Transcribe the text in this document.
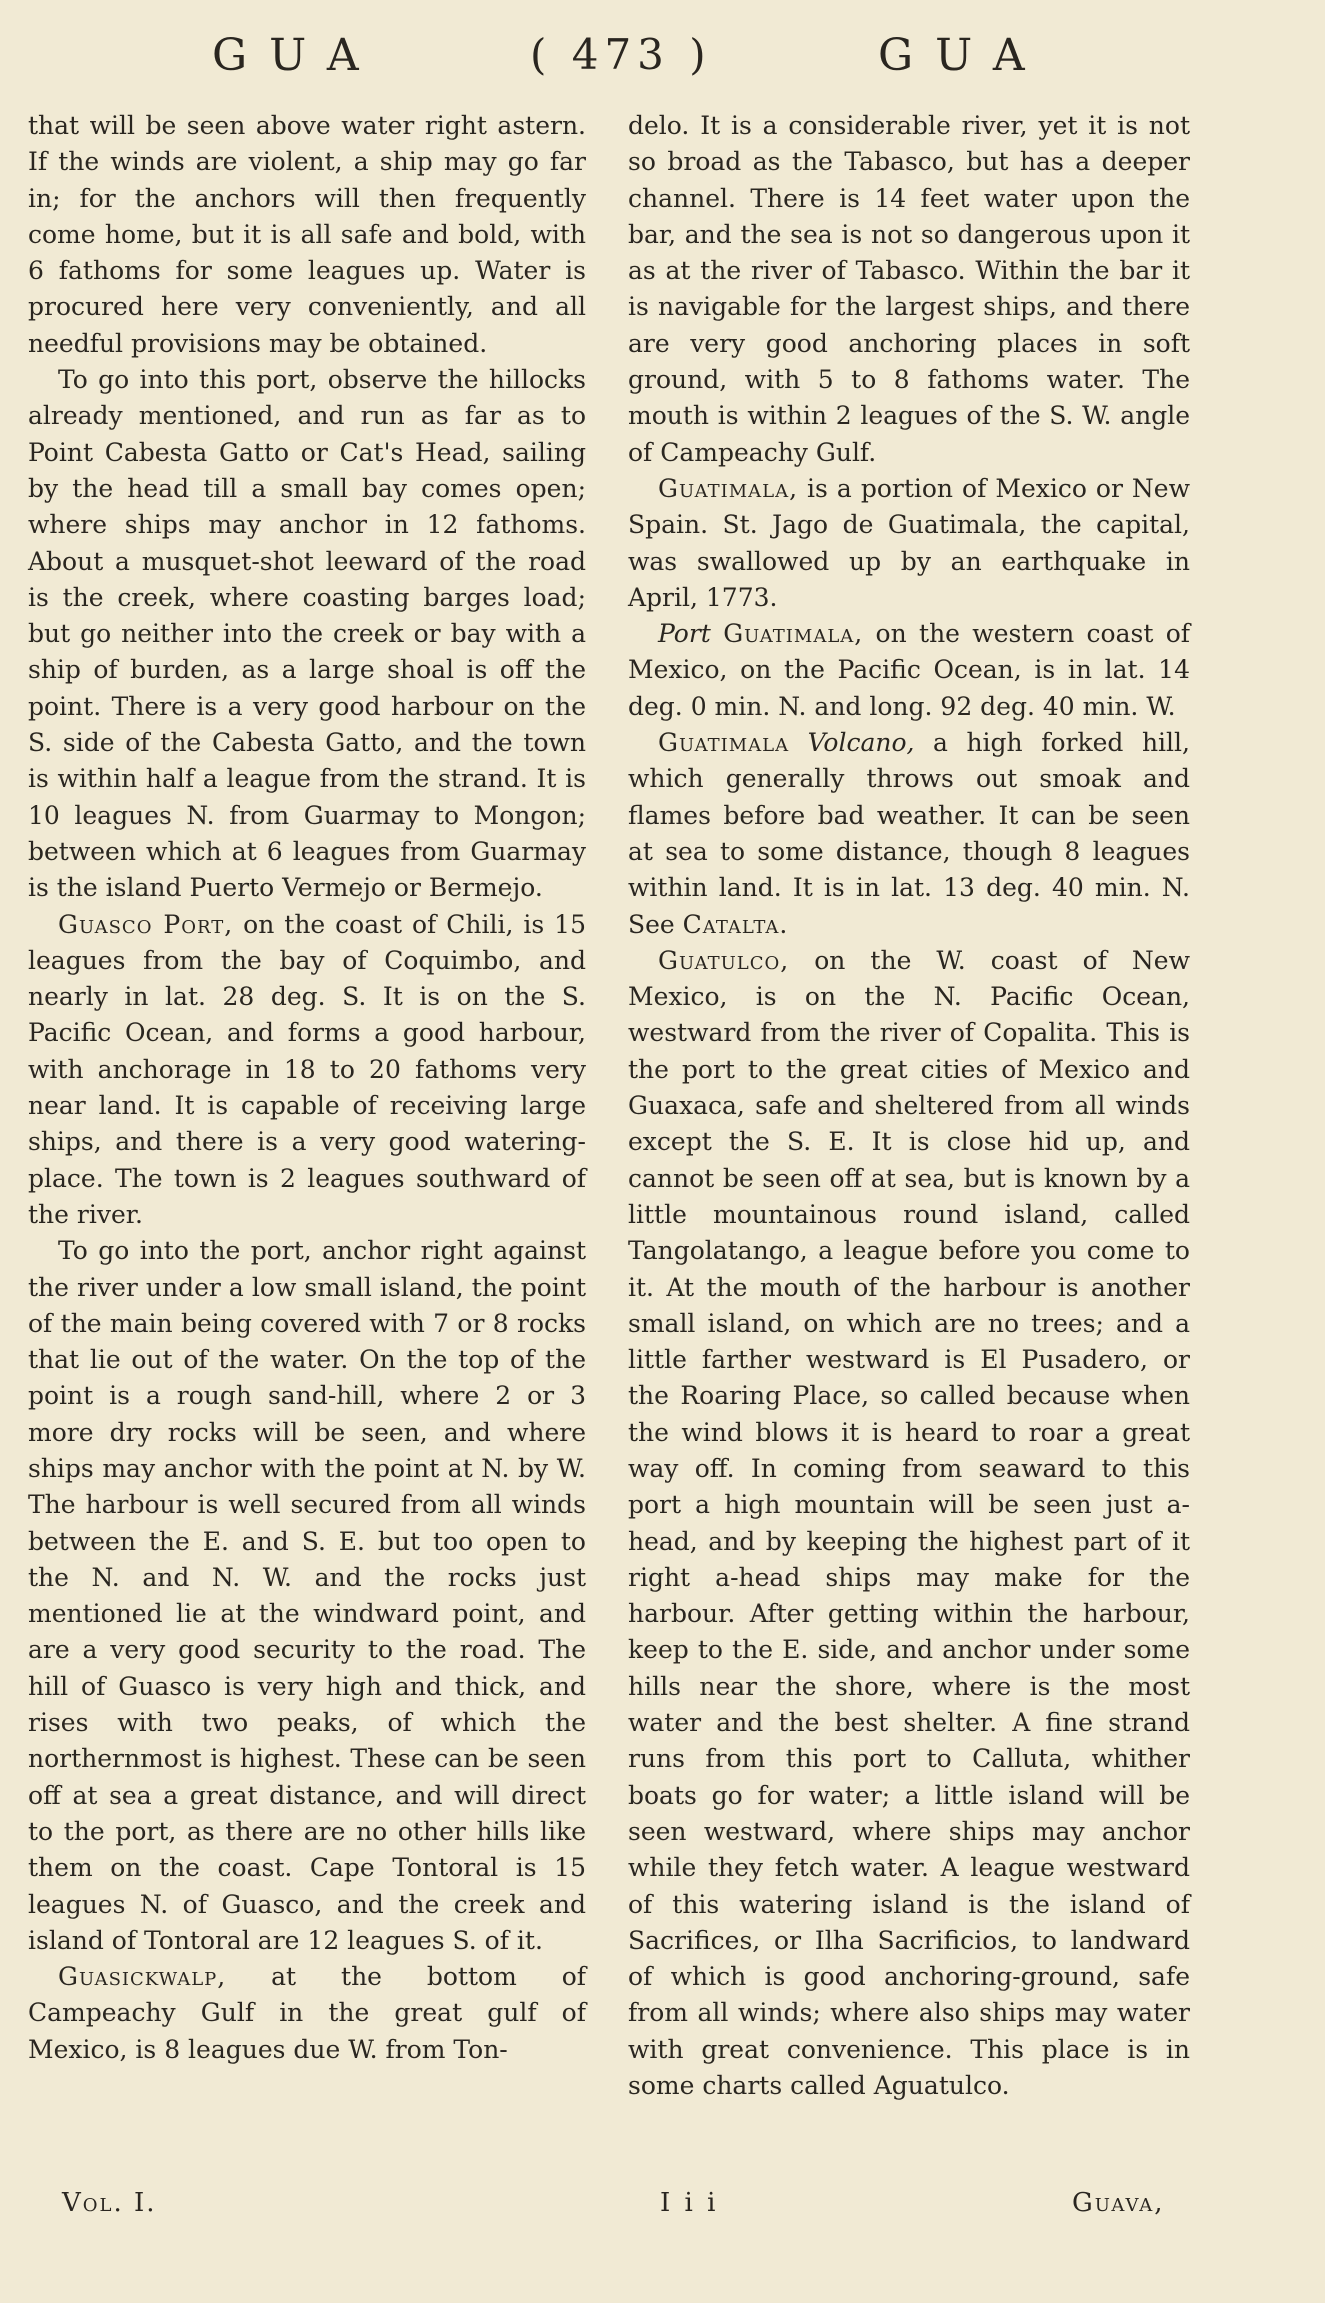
GUA	( 473 )	GUA

that will be seen above water right astern. If the winds are violent, a ship may go far in; for the anchors will then frequently come home, but it is all safe and bold, with 6 fathoms for some leagues up. Water is procured here very conveniently, and all needful provisions may be obtained.

To go into this port, observe the hillocks already mentioned, and run as far as to Point Cabesta Gatto or Cat's Head, sailing by the head till a small bay comes open; where ships may anchor in 12 fathoms. About a musquet-shot leeward of the road is the creek, where coasting barges load; but go neither into the creek or bay with a ship of burden, as a large shoal is off the point. There is a very good harbour on the S. side of the Cabesta Gatto, and the town is within half a league from the strand. It is 10 leagues N. from Guarmay to Mongon; between which at 6 leagues from Guarmay is the island Puerto Vermejo or Bermejo.

Guasco Port, on the coast of Chili, is 15 leagues from the bay of Coquimbo, and nearly in lat. 28 deg. S. It is on the S. Pacific Ocean, and forms a good harbour, with anchorage in 18 to 20 fathoms very near land. It is capable of receiving large ships, and there is a very good watering-place. The town is 2 leagues southward of the river.

To go into the port, anchor right against the river under a low small island, the point of the main being covered with 7 or 8 rocks that lie out of the water. On the top of the point is a rough sand-hill, where 2 or 3 more dry rocks will be seen, and where ships may anchor with the point at N. by W. The harbour is well secured from all winds between the E. and S. E. but too open to the N. and N. W. and the rocks just mentioned lie at the windward point, and are a very good security to the road. The hill of Guasco is very high and thick, and rises with two peaks, of which the northernmost is highest. These can be seen off at sea a great distance, and will direct to the port, as there are no other hills like them on the coast. Cape Tontoral is 15 leagues N. of Guasco, and the creek and island of Tontoral are 12 leagues S. of it.

Guasickwalp, at the bottom of Campeachy Gulf in the great gulf of Mexico, is 8 leagues due W. from Ton-

delo. It is a considerable river, yet it is not so broad as the Tabasco, but has a deeper channel. There is 14 feet water upon the bar, and the sea is not so dangerous upon it as at the river of Tabasco. Within the bar it is navigable for the largest ships, and there are very good anchoring places in soft ground, with 5 to 8 fathoms water. The mouth is within 2 leagues of the S. W. angle of Campeachy Gulf.

Guatimala, is a portion of Mexico or New Spain. St. Jago de Guatimala, the capital, was swallowed up by an earthquake in April, 1773.

Port Guatimala, on the western coast of Mexico, on the Pacific Ocean, is in lat. 14 deg. 0 min. N. and long. 92 deg. 40 min. W.

Guatimala Volcano, a high forked hill, which generally throws out smoak and flames before bad weather. It can be seen at sea to some distance, though 8 leagues within land. It is in lat. 13 deg. 40 min. N. See Catalta.

Guatulco, on the W. coast of New Mexico, is on the N. Pacific Ocean, westward from the river of Copalita. This is the port to the great cities of Mexico and Guaxaca, safe and sheltered from all winds except the S. E. It is close hid up, and cannot be seen off at sea, but is known by a little mountainous round island, called Tangolatango, a league before you come to it. At the mouth of the harbour is another small island, on which are no trees; and a little farther westward is El Pusadero, or the Roaring Place, so called because when the wind blows it is heard to roar a great way off. In coming from seaward to this port a high mountain will be seen just a-head, and by keeping the highest part of it right a-head ships may make for the harbour. After getting within the harbour, keep to the E. side, and anchor under some hills near the shore, where is the most water and the best shelter. A fine strand runs from this port to Calluta, whither boats go for water; a little island will be seen westward, where ships may anchor while they fetch water. A league westward of this watering island is the island of Sacrifices, or Ilha Sacrificios, to landward of which is good anchoring-ground, safe from all winds; where also ships may water with great convenience. This place is in some charts called Aguatulco.

Vol. I.	I i i	Guava,
